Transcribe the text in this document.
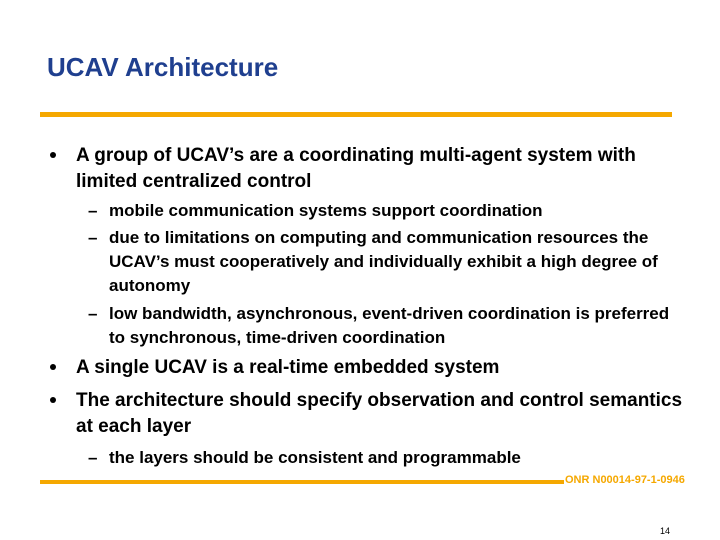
UCAV Architecture
A group of UCAV’s are a coordinating multi-agent system with limited centralized control
– mobile communication systems support coordination
– due to limitations on computing and communication resources the UCAV’s must cooperatively and individually exhibit a high degree of autonomy
– low bandwidth, asynchronous, event-driven coordination is preferred to synchronous, time-driven coordination
A single UCAV is a real-time embedded system
The architecture should specify observation and control semantics at each layer
– the layers should be consistent and programmable
ONR N00014-97-1-0946
14
